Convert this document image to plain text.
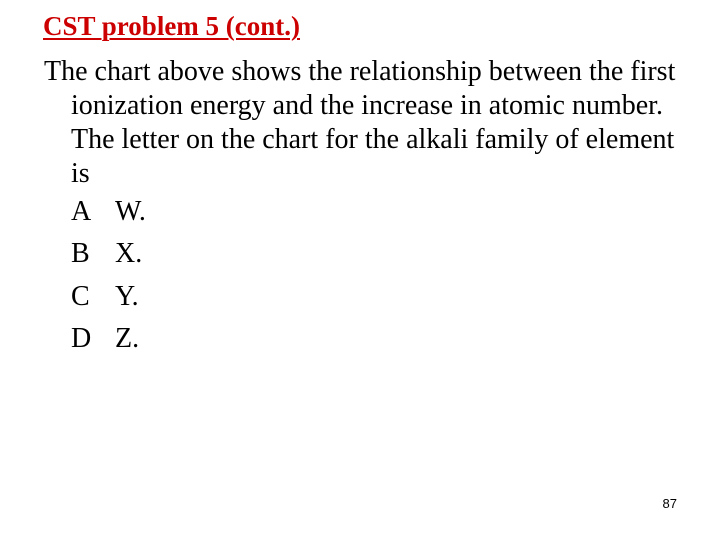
CST problem 5 (cont.)

The chart above shows the relationship between the first ionization energy and the increase in atomic number. The letter on the chart for the alkali family of element is

A W.
B X.
C Y.
D Z.
87
